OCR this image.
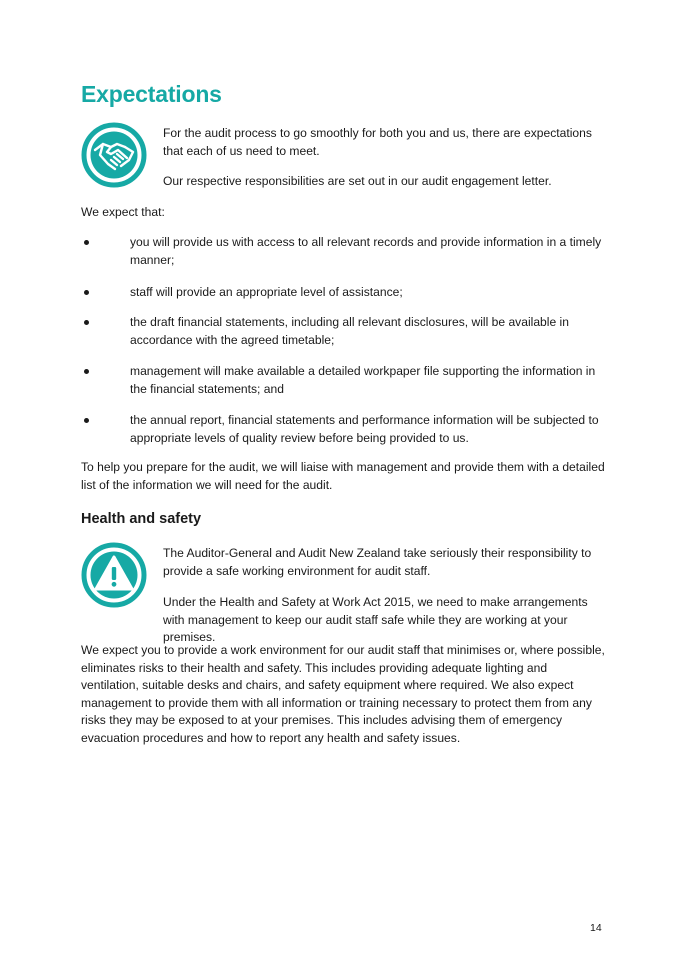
Expectations

For the audit process to go smoothly for both you and us, there are expectations that each of us need to meet.

Our respective responsibilities are set out in our audit engagement letter.

We expect that:

you will provide us with access to all relevant records and provide information in a timely manner;

staff will provide an appropriate level of assistance;

the draft financial statements, including all relevant disclosures, will be available in accordance with the agreed timetable;

management will make available a detailed workpaper file supporting the information in the financial statements; and

the annual report, financial statements and performance information will be subjected to appropriate levels of quality review before being provided to us.

To help you prepare for the audit, we will liaise with management and provide them with a detailed list of the information we will need for the audit.

Health and safety

The Auditor-General and Audit New Zealand take seriously their responsibility to provide a safe working environment for audit staff.

Under the Health and Safety at Work Act 2015, we need to make arrangements with management to keep our audit staff safe while they are working at your premises.

We expect you to provide a work environment for our audit staff that minimises or, where possible, eliminates risks to their health and safety. This includes providing adequate lighting and ventilation, suitable desks and chairs, and safety equipment where required. We also expect management to provide them with all information or training necessary to protect them from any risks they may be exposed to at your premises. This includes advising them of emergency evacuation procedures and how to report any health and safety issues.

14
